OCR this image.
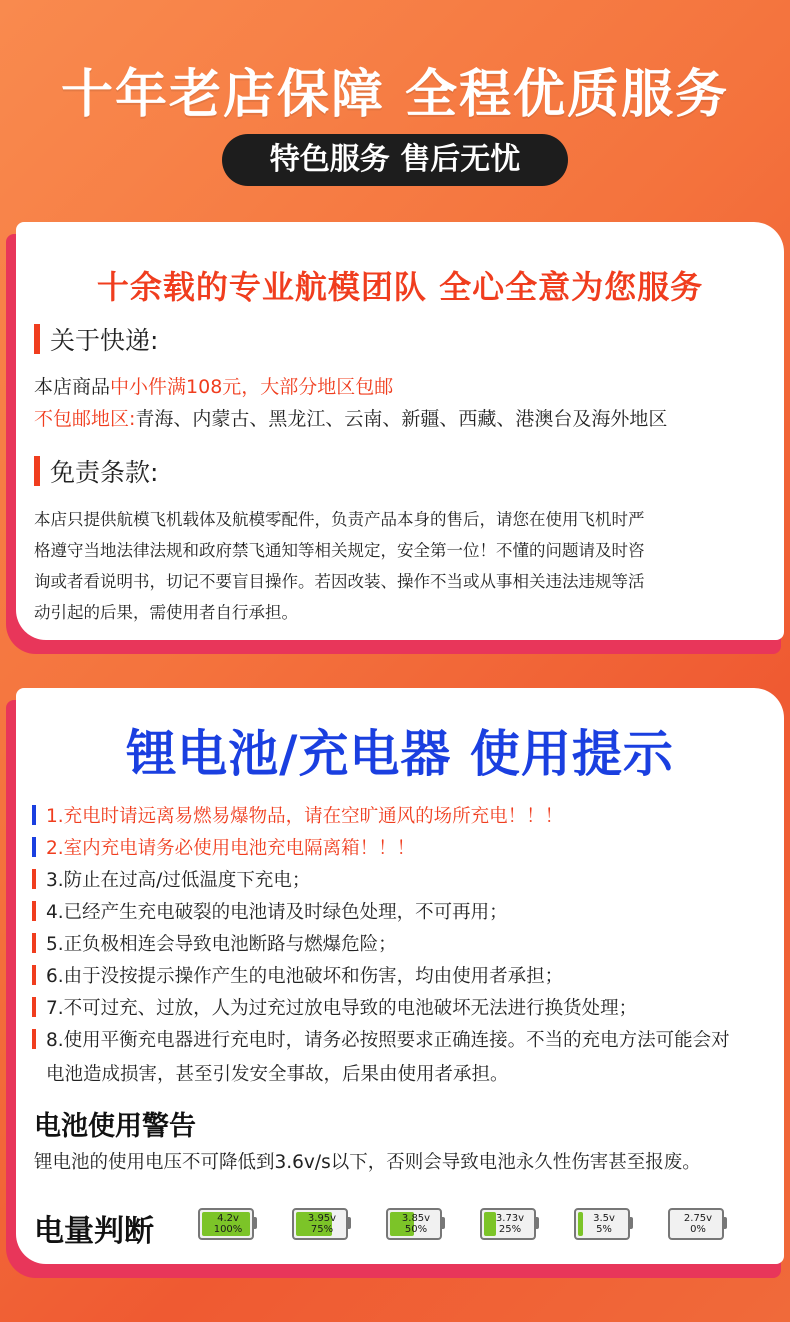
十年老店保障 全程优质服务
特色服务 售后无忧
十余载的专业航模团队 全心全意为您服务
关于快递:
本店商品中小件满108元，大部分地区包邮
不包邮地区:青海、内蒙古、黑龙江、云南、新疆、西藏、港澳台及海外地区
免责条款:
本店只提供航模飞机载体及航模零配件，负责产品本身的售后，请您在使用飞机时严
格遵守当地法律法规和政府禁飞通知等相关规定，安全第一位！不懂的问题请及时咨
询或者看说明书，切记不要盲目操作。若因改装、操作不当或从事相关违法违规等活
动引起的后果，需使用者自行承担。
锂电池/充电器 使用提示
1.充电时请远离易燃易爆物品，请在空旷通风的场所充电！！！
2.室内充电请务必使用电池充电隔离箱！！！
3.防止在过高/过低温度下充电；
4.已经产生充电破裂的电池请及时绿色处理，不可再用；
5.正负极相连会导致电池断路与燃爆危险；
6.由于没按提示操作产生的电池破坏和伤害，均由使用者承担；
7.不可过充、过放，人为过充过放电导致的电池破坏无法进行换货处理；
8.使用平衡充电器进行充电时，请务必按照要求正确连接。不当的充电方法可能会对
电池造成损害，甚至引发安全事故，后果由使用者承担。
电池使用警告
锂电池的使用电压不可降低到3.6v/s以下，否则会导致电池永久性伤害甚至报废。
电量判断	4.2v
100%
3.95v
75%
3.85v
50%
3.73v
25%
3.5v
5%
2.75v
0%
